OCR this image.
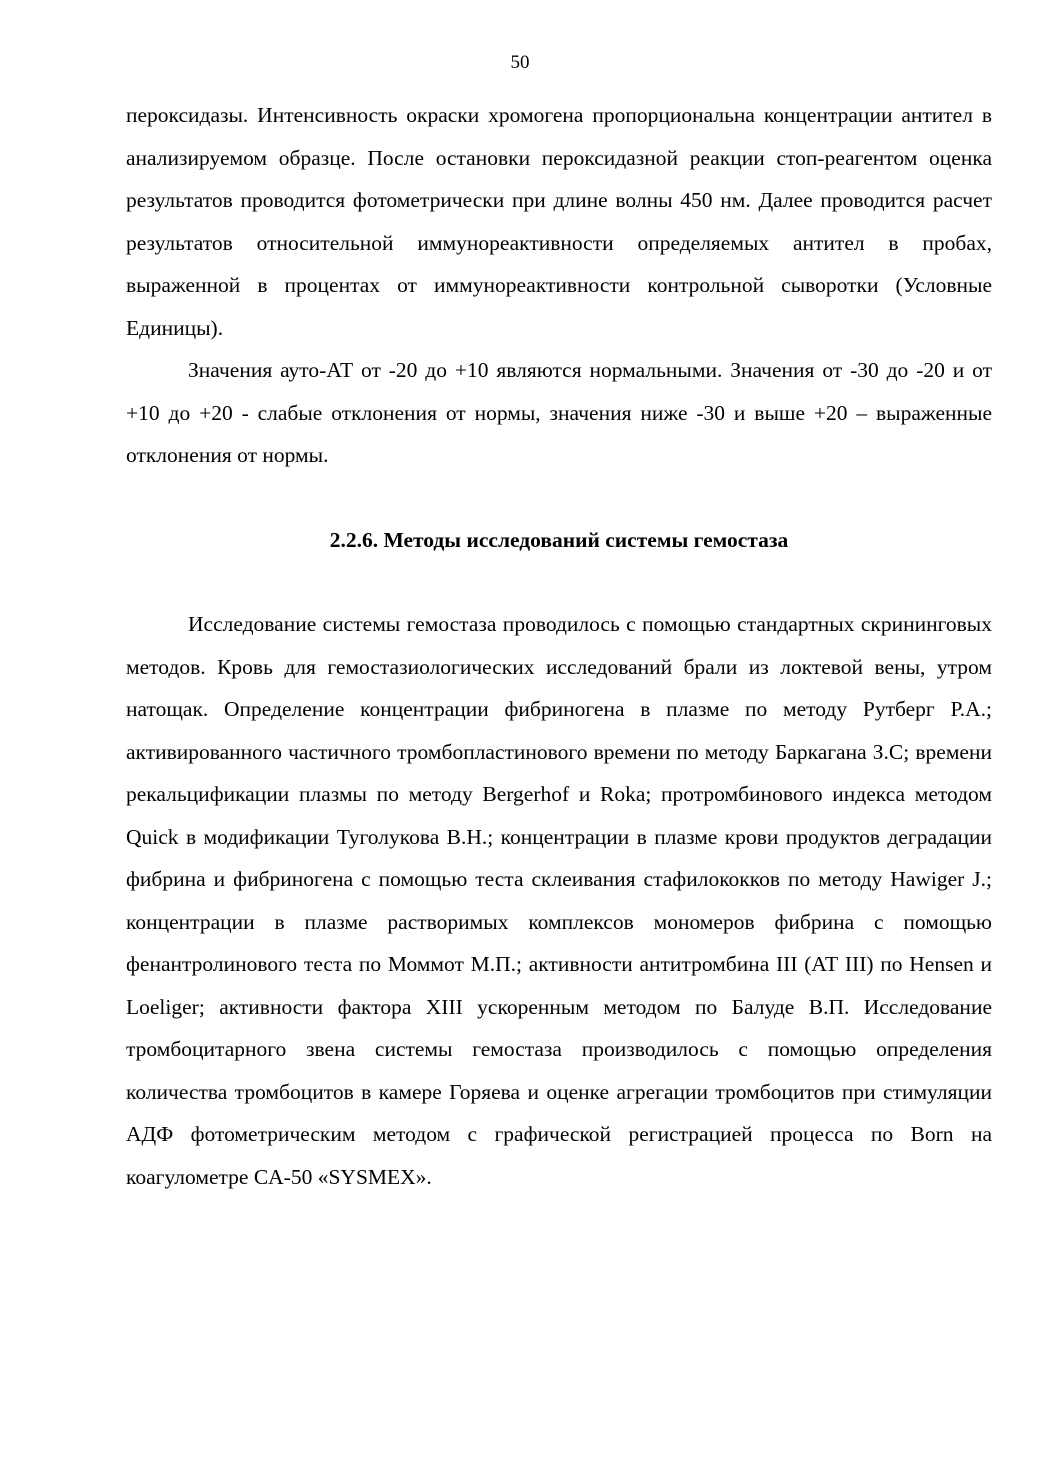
50

пероксидазы. Интенсивность окраски хромогена пропорциональна концентрации антител в анализируемом образце. После остановки пероксидазной реакции стоп-реагентом оценка результатов проводится фотометрически при длине волны 450 нм. Далее проводится расчет результатов относительной иммунореактивности определяемых антител в пробах, выраженной в процентах от иммунореактивности контрольной сыворотки (Условные Единицы).

Значения ауто-АТ от -20 до +10 являются нормальными. Значения от -30 до -20 и от +10 до +20 - слабые отклонения от нормы, значения ниже -30 и выше +20 – выраженные отклонения от нормы.

2.2.6. Методы исследований системы гемостаза

Исследование системы гемостаза проводилось с помощью стандартных скрининговых методов. Кровь для гемостазиологических исследований брали из локтевой вены, утром натощак. Определение концентрации фибриногена в плазме по методу Рутберг Р.А.; активированного частичного тромбопластинового времени по методу Баркагана З.С; времени рекальцификации плазмы по методу Bergerhof и Roka; протромбинового индекса методом Quick в модификации Туголукова В.Н.; концентрации в плазме крови продуктов деградации фибрина и фибриногена с помощью теста склеивания стафилококков по методу Hawiger J.; концентрации в плазме растворимых комплексов мономеров фибрина с помощью фенантролинового теста по Моммот М.П.; активности антитромбина III (АТ III) по Hensen и Loeliger; активности фактора XIII ускоренным методом по Балуде В.П. Исследование тромбоцитарного звена системы гемостаза производилось с помощью определения количества тромбоцитов в камере Горяева и оценке агрегации тромбоцитов при стимуляции АДФ фотометрическим методом с графической регистрацией процесса по Born на коагулометре CA-50 «SYSMEX».
